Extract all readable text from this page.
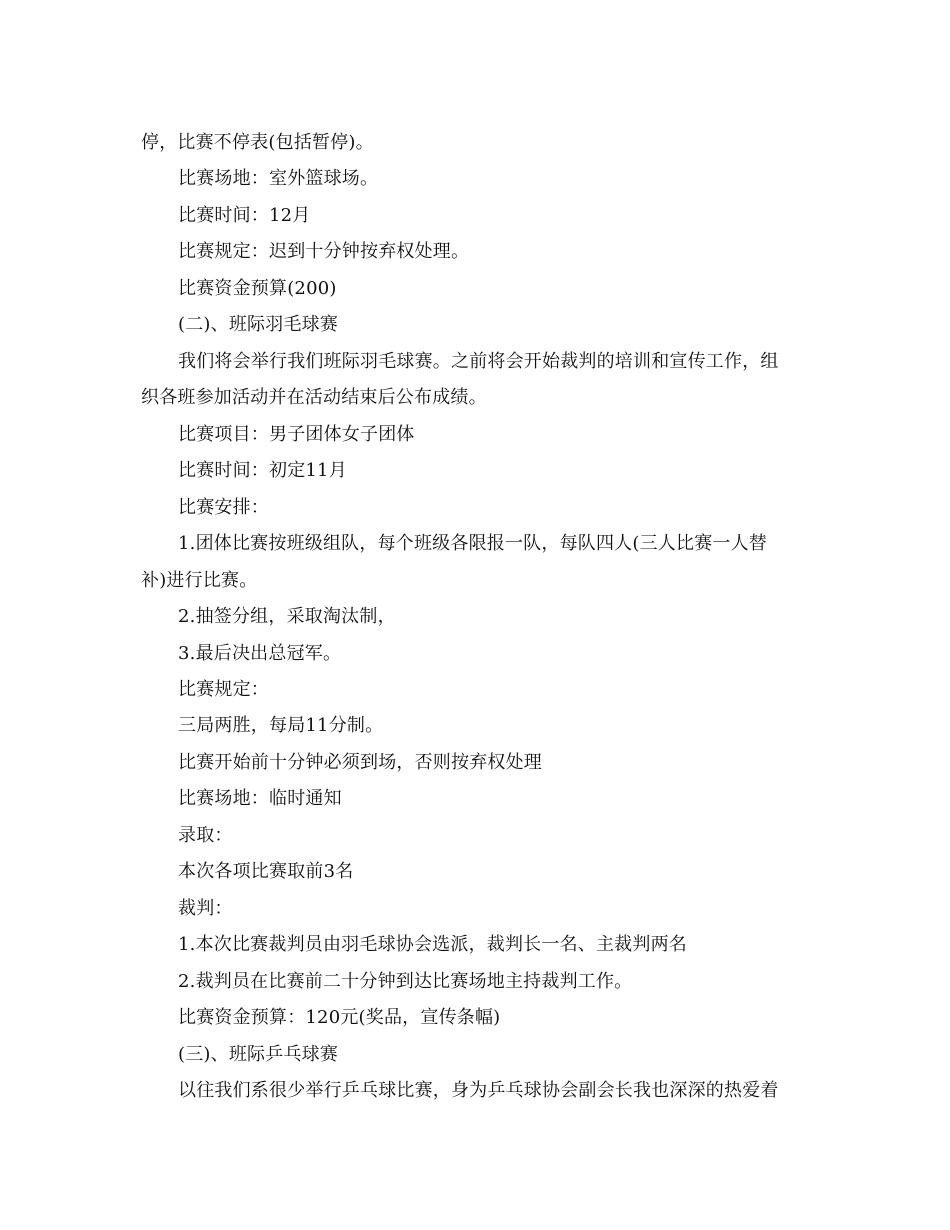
停，比赛不停表(包括暂停)。
比赛场地：室外篮球场。
比赛时间：12月
比赛规定：迟到十分钟按弃权处理。
比赛资金预算(200)
(二)、班际羽毛球赛
我们将会举行我们班际羽毛球赛。之前将会开始裁判的培训和宣传工作，组
织各班参加活动并在活动结束后公布成绩。
比赛项目：男子团体女子团体
比赛时间：初定11月
比赛安排：
1.团体比赛按班级组队，每个班级各限报一队，每队四人(三人比赛一人替
补)进行比赛。
2.抽签分组，采取淘汰制，
3.最后决出总冠军。
比赛规定：
三局两胜，每局11分制。
比赛开始前十分钟必须到场，否则按弃权处理
比赛场地：临时通知
录取：
本次各项比赛取前3名
裁判：
1.本次比赛裁判员由羽毛球协会选派，裁判长一名、主裁判两名
2.裁判员在比赛前二十分钟到达比赛场地主持裁判工作。
比赛资金预算：120元(奖品，宣传条幅)
(三)、班际乒乓球赛
以往我们系很少举行乒乓球比赛，身为乒乓球协会副会长我也深深的热爱着
